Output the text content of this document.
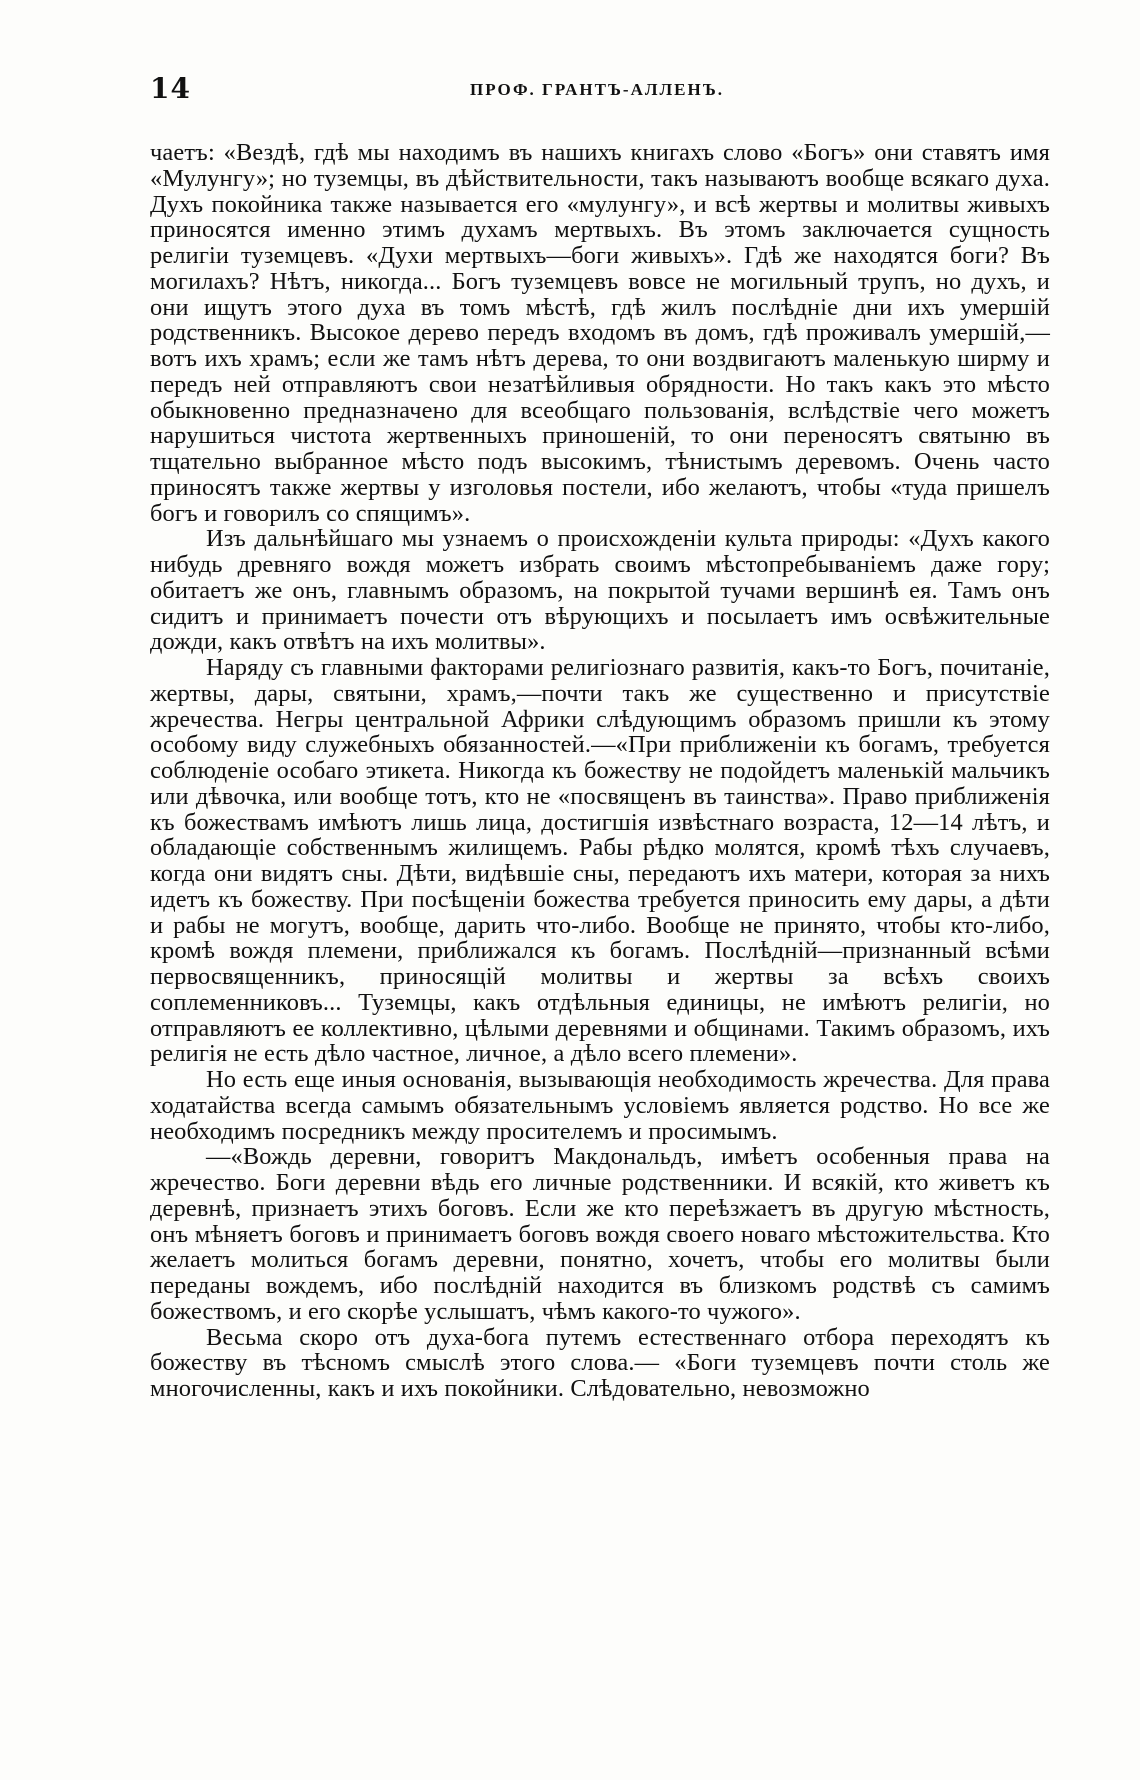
14	ПРОФ. ГРАНТЪ-АЛЛЕНЪ.

чаетъ: «Вездѣ, гдѣ мы находимъ въ нашихъ книгахъ слово «Богъ» они ставятъ имя «Мулунгу»; но туземцы, въ дѣйствительности, такъ называютъ вообще всякаго духа. Духъ покойника также называется его «мулунгу», и всѣ жертвы и молитвы живыхъ приносятся именно этимъ духамъ мертвыхъ. Въ этомъ заключается сущность религіи туземцевъ. «Духи мертвыхъ—боги живыхъ». Гдѣ же находятся боги? Въ могилахъ? Нѣтъ, никогда... Богъ туземцевъ вовсе не могильный трупъ, но духъ, и они ищутъ этого духа въ томъ мѣстѣ, гдѣ жилъ послѣдніе дни ихъ умершій родственникъ. Высокое дерево передъ входомъ въ домъ, гдѣ проживалъ умершій,—вотъ ихъ храмъ; если же тамъ нѣтъ дерева, то они воздвигаютъ маленькую ширму и передъ ней отправляютъ свои незатѣйливыя обрядности. Но такъ какъ это мѣсто обыкновенно предназначено для всеобщаго пользованія, вслѣдствіе чего можетъ нарушиться чистота жертвенныхъ приношеній, то они переносятъ святыню въ тщательно выбранное мѣсто подъ высокимъ, тѣнистымъ деревомъ. Очень часто приносятъ также жертвы у изголовья постели, ибо желаютъ, чтобы «туда пришелъ богъ и говорилъ со спящимъ».

Изъ дальнѣйшаго мы узнаемъ о происхожденіи культа природы: «Духъ какого нибудь древняго вождя можетъ избрать своимъ мѣстопребываніемъ даже гору; обитаетъ же онъ, главнымъ образомъ, на покрытой тучами вершинѣ ея. Тамъ онъ сидитъ и принимаетъ почести отъ вѣрующихъ и посылаетъ имъ освѣжительные дожди, какъ отвѣтъ на ихъ молитвы».

Наряду съ главными факторами религіознаго развитія, какъ-то Богъ, почитаніе, жертвы, дары, святыни, храмъ,—почти такъ же существенно и присутствіе жречества. Негры центральной Африки слѣдующимъ образомъ пришли къ этому особому виду служебныхъ обязанностей.—«При приближеніи къ богамъ, требуется соблюденіе особаго этикета. Никогда къ божеству не подойдетъ маленькій мальчикъ или дѣвочка, или вообще тотъ, кто не «посвященъ въ таинства». Право приближенія къ божествамъ имѣютъ лишь лица, достигшія извѣстнаго возраста, 12—14 лѣтъ, и обладающіе собственнымъ жилищемъ. Рабы рѣдко молятся, кромѣ тѣхъ случаевъ, когда они видятъ сны. Дѣти, видѣвшіе сны, передаютъ ихъ матери, которая за нихъ идетъ къ божеству. При посѣщеніи божества требуется приносить ему дары, а дѣти и рабы не могутъ, вообще, дарить что-либо. Вообще не принято, чтобы кто-либо, кромѣ вождя племени, приближался къ богамъ. Послѣдній—признанный всѣми первосвященникъ, приносящій молитвы и жертвы за всѣхъ своихъ соплеменниковъ... Туземцы, какъ отдѣльныя единицы, не имѣютъ религіи, но отправляютъ ее коллективно, цѣлыми деревнями и общинами. Такимъ образомъ, ихъ религія не есть дѣло частное, личное, а дѣло всего племени».

Но есть еще иныя основанія, вызывающія необходимость жречества. Для права ходатайства всегда самымъ обязательнымъ условіемъ является родство. Но все же необходимъ посредникъ между просителемъ и просимымъ.

—«Вождь деревни, говоритъ Макдональдъ, имѣетъ особенныя права на жречество. Боги деревни вѣдь его личные родственники. И всякій, кто живетъ къ деревнѣ, признаетъ этихъ боговъ. Если же кто переѣзжаетъ въ другую мѣстность, онъ мѣняетъ боговъ и принимаетъ боговъ вождя своего новаго мѣстожительства. Кто желаетъ молиться богамъ деревни, понятно, хочетъ, чтобы его молитвы были переданы вождемъ, ибо послѣдній находится въ близкомъ родствѣ съ самимъ божествомъ, и его скорѣе услышатъ, чѣмъ какого-то чужого».

Весьма скоро отъ духа-бога путемъ естественнаго отбора переходятъ къ божеству въ тѣсномъ смыслѣ этого слова.— «Боги туземцевъ почти столь же многочисленны, какъ и ихъ покойники. Слѣдовательно, невозможно
